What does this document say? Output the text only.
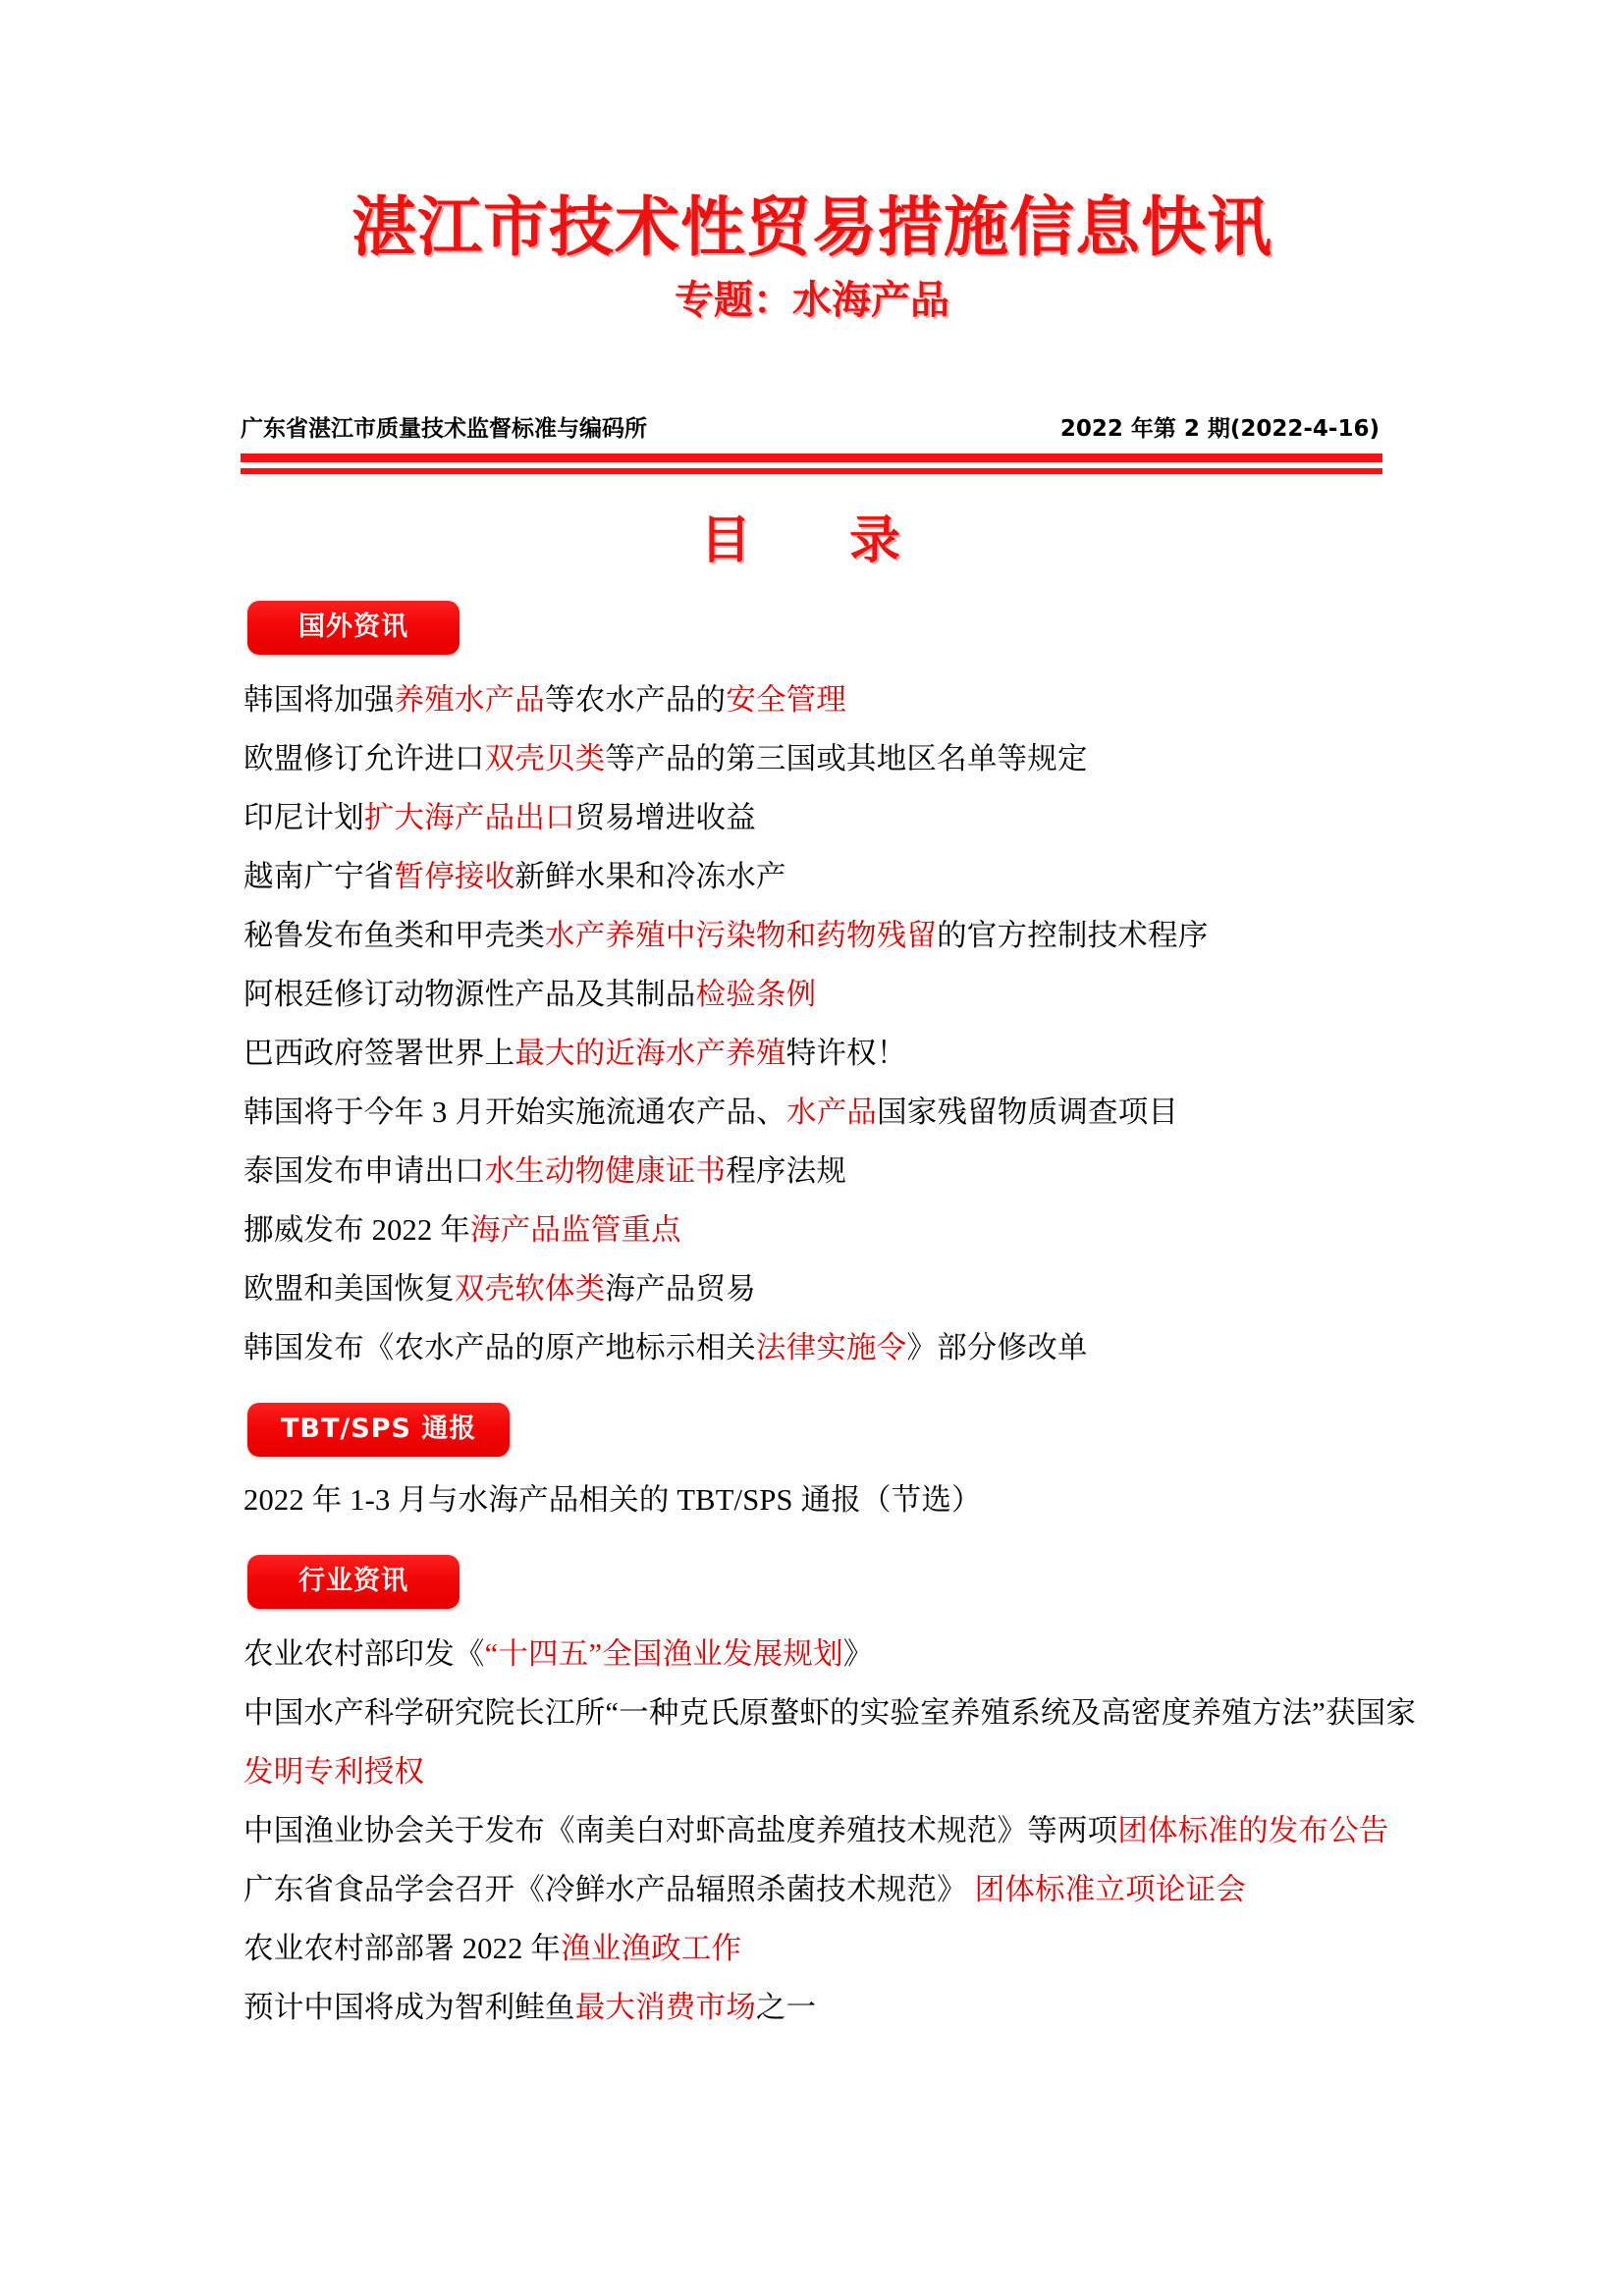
湛江市技术性贸易措施信息快讯
专题：水海产品
广东省湛江市质量技术监督标准与编码所	2022 年第 2 期(2022-4-16)
目　录
国外资讯
韩国将加强养殖水产品等农水产品的安全管理
欧盟修订允许进口双壳贝类等产品的第三国或其地区名单等规定
印尼计划扩大海产品出口贸易增进收益
越南广宁省暂停接收新鲜水果和冷冻水产
秘鲁发布鱼类和甲壳类水产养殖中污染物和药物残留的官方控制技术程序
阿根廷修订动物源性产品及其制品检验条例
巴西政府签署世界上最大的近海水产养殖特许权！
韩国将于今年 3 月开始实施流通农产品、水产品国家残留物质调查项目
泰国发布申请出口水生动物健康证书程序法规
挪威发布 2022 年海产品监管重点
欧盟和美国恢复双壳软体类海产品贸易
韩国发布《农水产品的原产地标示相关法律实施令》部分修改单
TBT/SPS 通报
2022 年 1-3 月与水海产品相关的 TBT/SPS 通报（节选）
行业资讯
农业农村部印发《“十四五”全国渔业发展规划》
中国水产科学研究院长江所“一种克氏原螯虾的实验室养殖系统及高密度养殖方法”获国家发明专利授权
中国渔业协会关于发布《南美白对虾高盐度养殖技术规范》等两项团体标准的发布公告
广东省食品学会召开《冷鲜水产品辐照杀菌技术规范》 团体标准立项论证会
农业农村部部署 2022 年渔业渔政工作
预计中国将成为智利鲑鱼最大消费市场之一
